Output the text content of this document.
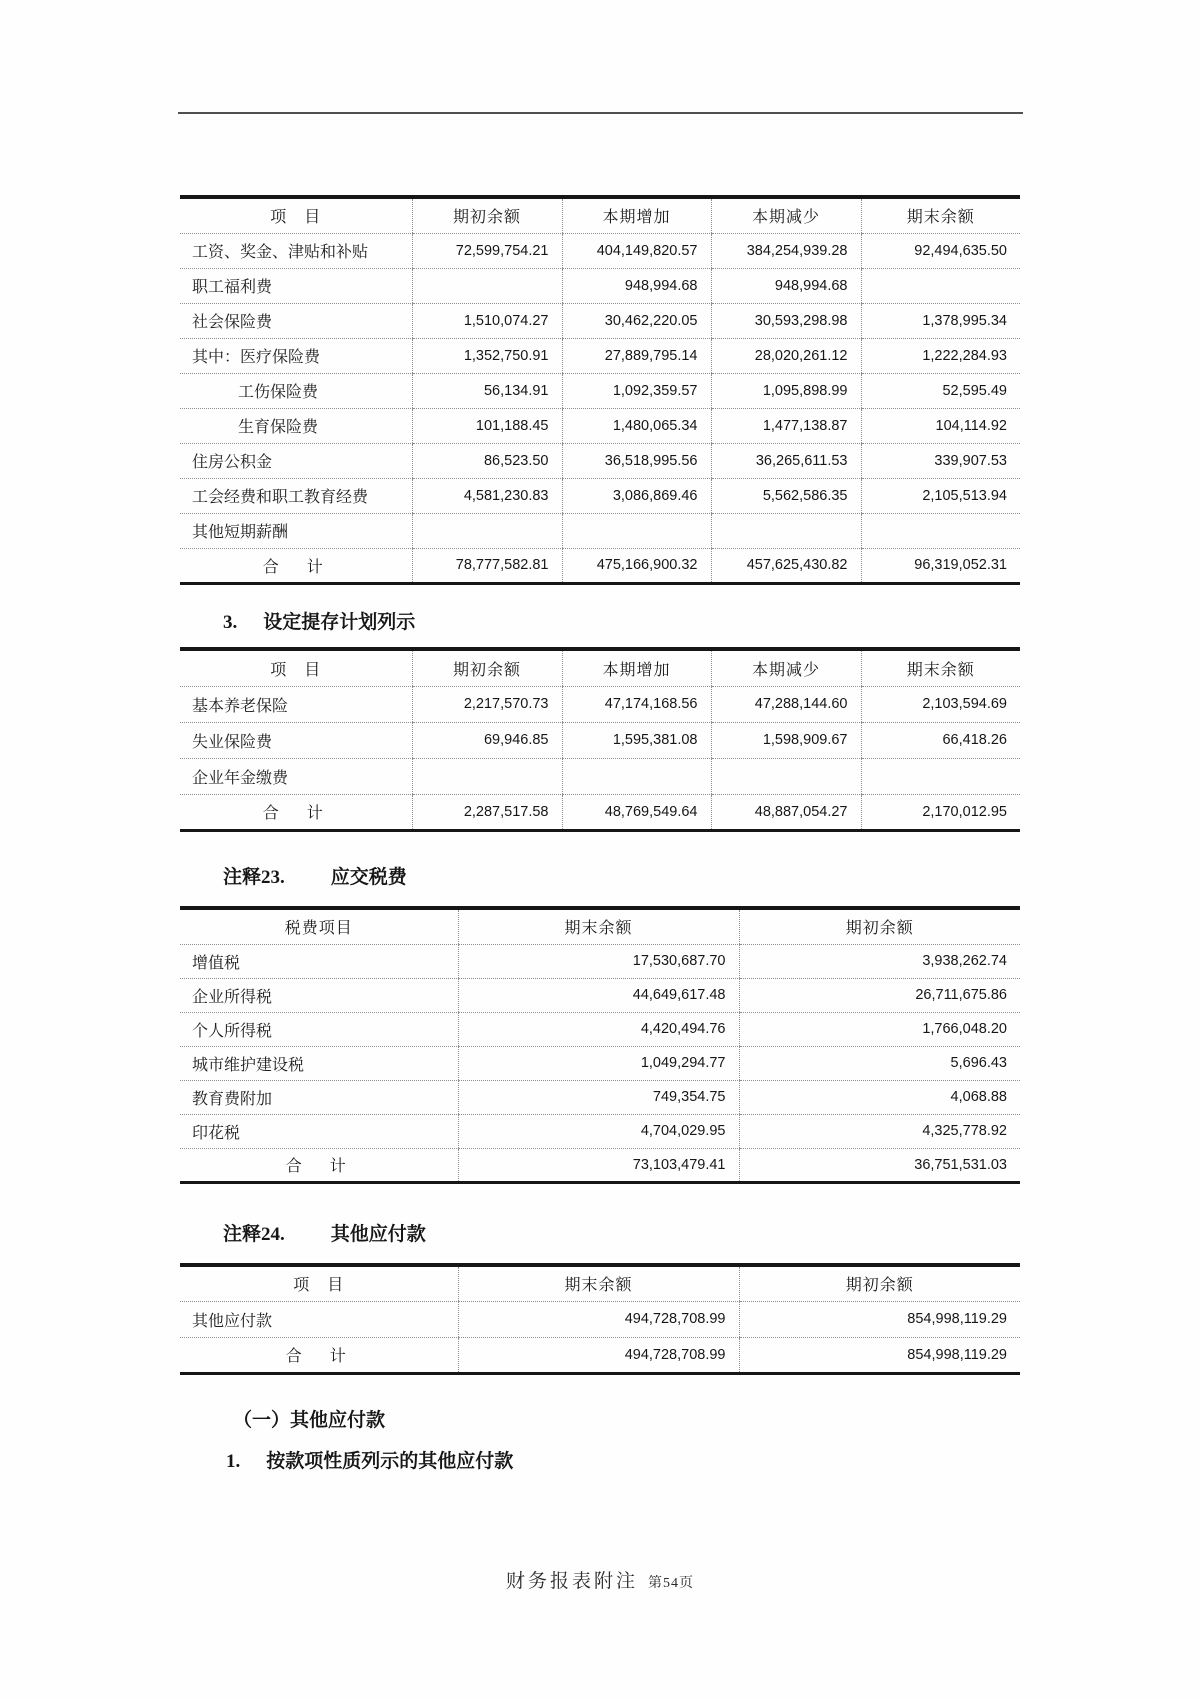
项　目	期初余额	本期增加	本期减少	期末余额
工资、奖金、津贴和补贴	72,599,754.21	404,149,820.57	384,254,939.28	92,494,635.50
职工福利费		948,994.68	948,994.68	
社会保险费	1,510,074.27	30,462,220.05	30,593,298.98	1,378,995.34
其中：医疗保险费	1,352,750.91	27,889,795.14	28,020,261.12	1,222,284.93
工伤保险费	56,134.91	1,092,359.57	1,095,898.99	52,595.49
生育保险费	101,188.45	1,480,065.34	1,477,138.87	104,114.92
住房公积金	86,523.50	36,518,995.56	36,265,611.53	339,907.53
工会经费和职工教育经费	4,581,230.83	3,086,869.46	5,562,586.35	2,105,513.94
其他短期薪酬				
合　计	78,777,582.81	475,166,900.32	457,625,430.82	96,319,052.31
3. 设定提存计划列示
项　目	期初余额	本期增加	本期减少	期末余额
基本养老保险	2,217,570.73	47,174,168.56	47,288,144.60	2,103,594.69
失业保险费	69,946.85	1,595,381.08	1,598,909.67	66,418.26
企业年金缴费				
合　计	2,287,517.58	48,769,549.64	48,887,054.27	2,170,012.95
注释23. 应交税费
税费项目	期末余额	期初余额
增值税	17,530,687.70	3,938,262.74
企业所得税	44,649,617.48	26,711,675.86
个人所得税	4,420,494.76	1,766,048.20
城市维护建设税	1,049,294.77	5,696.43
教育费附加	749,354.75	4,068.88
印花税	4,704,029.95	4,325,778.92
合　计	73,103,479.41	36,751,531.03
注释24. 其他应付款
项　目	期末余额	期初余额
其他应付款	494,728,708.99	854,998,119.29
合　计	494,728,708.99	854,998,119.29
（一）其他应付款
1. 按款项性质列示的其他应付款
财务报表附注 第54页
